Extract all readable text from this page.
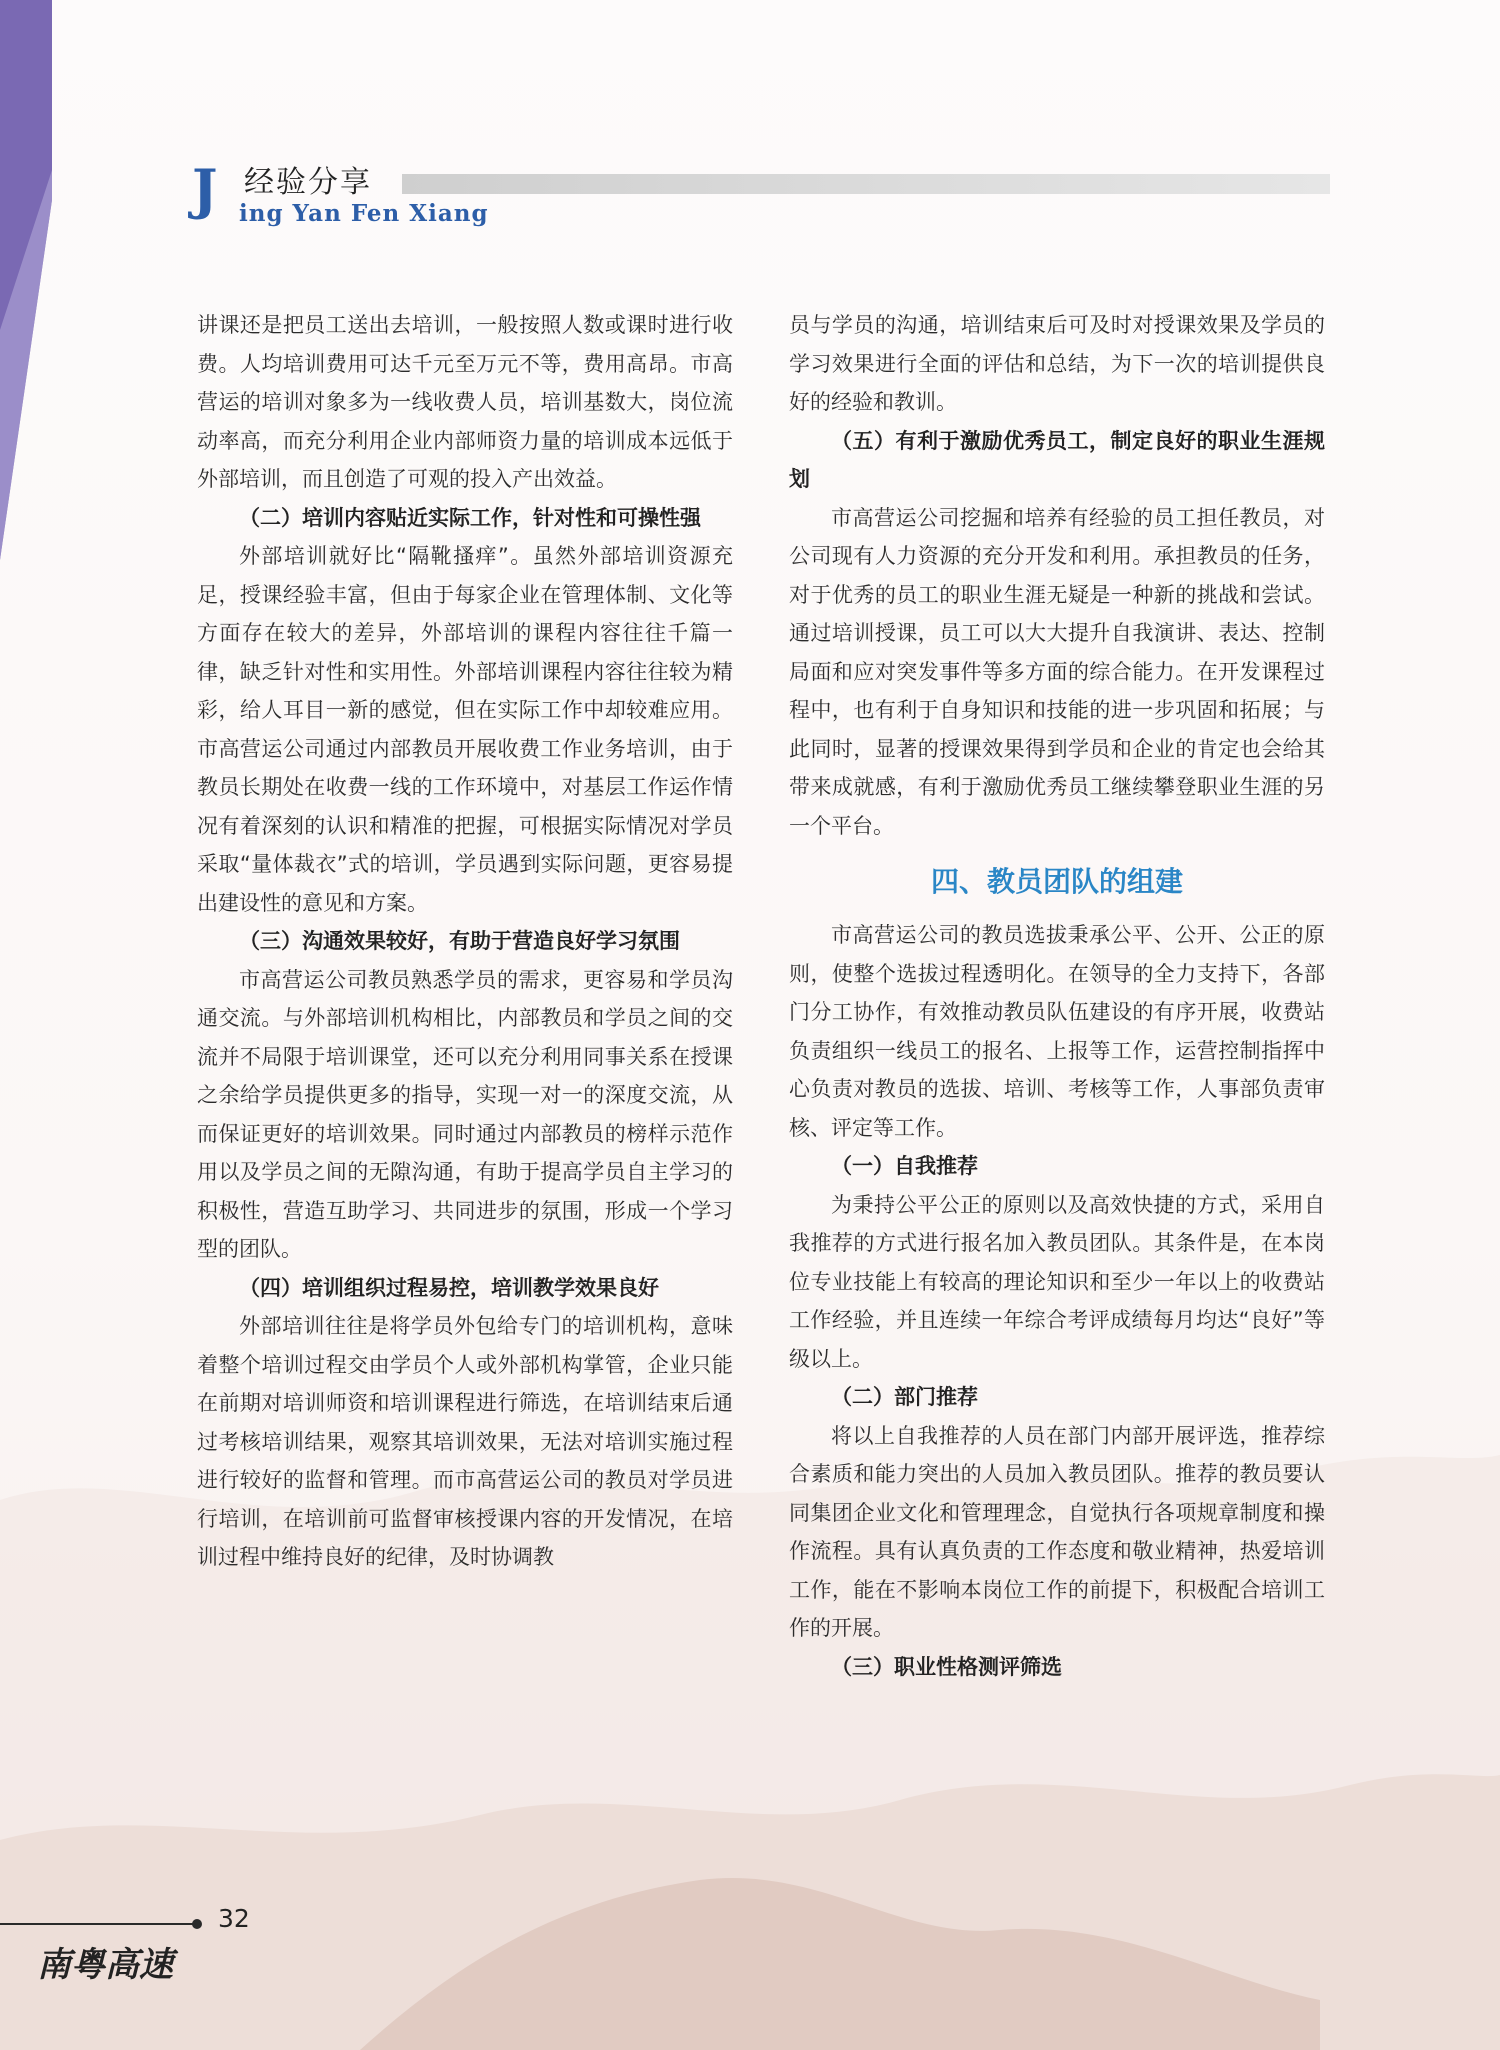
J 经验分享
ing Yan Fen Xiang

讲课还是把员工送出去培训，一般按照人数或课时进行收费。人均培训费用可达千元至万元不等，费用高昂。市高营运的培训对象多为一线收费人员，培训基数大，岗位流动率高，而充分利用企业内部师资力量的培训成本远低于外部培训，而且创造了可观的投入产出效益。

（二）培训内容贴近实际工作，针对性和可操性强

外部培训就好比“隔靴搔痒”。虽然外部培训资源充足，授课经验丰富，但由于每家企业在管理体制、文化等方面存在较大的差异，外部培训的课程内容往往千篇一律，缺乏针对性和实用性。外部培训课程内容往往较为精彩，给人耳目一新的感觉，但在实际工作中却较难应用。市高营运公司通过内部教员开展收费工作业务培训，由于教员长期处在收费一线的工作环境中，对基层工作运作情况有着深刻的认识和精准的把握，可根据实际情况对学员采取“量体裁衣”式的培训，学员遇到实际问题，更容易提出建设性的意见和方案。

（三）沟通效果较好，有助于营造良好学习氛围

市高营运公司教员熟悉学员的需求，更容易和学员沟通交流。与外部培训机构相比，内部教员和学员之间的交流并不局限于培训课堂，还可以充分利用同事关系在授课之余给学员提供更多的指导，实现一对一的深度交流，从而保证更好的培训效果。同时通过内部教员的榜样示范作用以及学员之间的无隙沟通，有助于提高学员自主学习的积极性，营造互助学习、共同进步的氛围，形成一个学习型的团队。

（四）培训组织过程易控，培训教学效果良好

外部培训往往是将学员外包给专门的培训机构，意味着整个培训过程交由学员个人或外部机构掌管，企业只能在前期对培训师资和培训课程进行筛选，在培训结束后通过考核培训结果，观察其培训效果，无法对培训实施过程进行较好的监督和管理。而市高营运公司的教员对学员进行培训，在培训前可监督审核授课内容的开发情况，在培训过程中维持良好的纪律，及时协调教

员与学员的沟通，培训结束后可及时对授课效果及学员的学习效果进行全面的评估和总结，为下一次的培训提供良好的经验和教训。

（五）有利于激励优秀员工，制定良好的职业生涯规划

市高营运公司挖掘和培养有经验的员工担任教员，对公司现有人力资源的充分开发和利用。承担教员的任务，对于优秀的员工的职业生涯无疑是一种新的挑战和尝试。通过培训授课，员工可以大大提升自我演讲、表达、控制局面和应对突发事件等多方面的综合能力。在开发课程过程中，也有利于自身知识和技能的进一步巩固和拓展；与此同时，显著的授课效果得到学员和企业的肯定也会给其带来成就感，有利于激励优秀员工继续攀登职业生涯的另一个平台。

四、教员团队的组建

市高营运公司的教员选拔秉承公平、公开、公正的原则，使整个选拔过程透明化。在领导的全力支持下，各部门分工协作，有效推动教员队伍建设的有序开展，收费站负责组织一线员工的报名、上报等工作，运营控制指挥中心负责对教员的选拔、培训、考核等工作，人事部负责审核、评定等工作。

（一）自我推荐

为秉持公平公正的原则以及高效快捷的方式，采用自我推荐的方式进行报名加入教员团队。其条件是，在本岗位专业技能上有较高的理论知识和至少一年以上的收费站工作经验，并且连续一年综合考评成绩每月均达“良好”等级以上。

（二）部门推荐

将以上自我推荐的人员在部门内部开展评选，推荐综合素质和能力突出的人员加入教员团队。推荐的教员要认同集团企业文化和管理理念，自觉执行各项规章制度和操作流程。具有认真负责的工作态度和敬业精神，热爱培训工作，能在不影响本岗位工作的前提下，积极配合培训工作的开展。

（三）职业性格测评筛选

32
南粤高速
